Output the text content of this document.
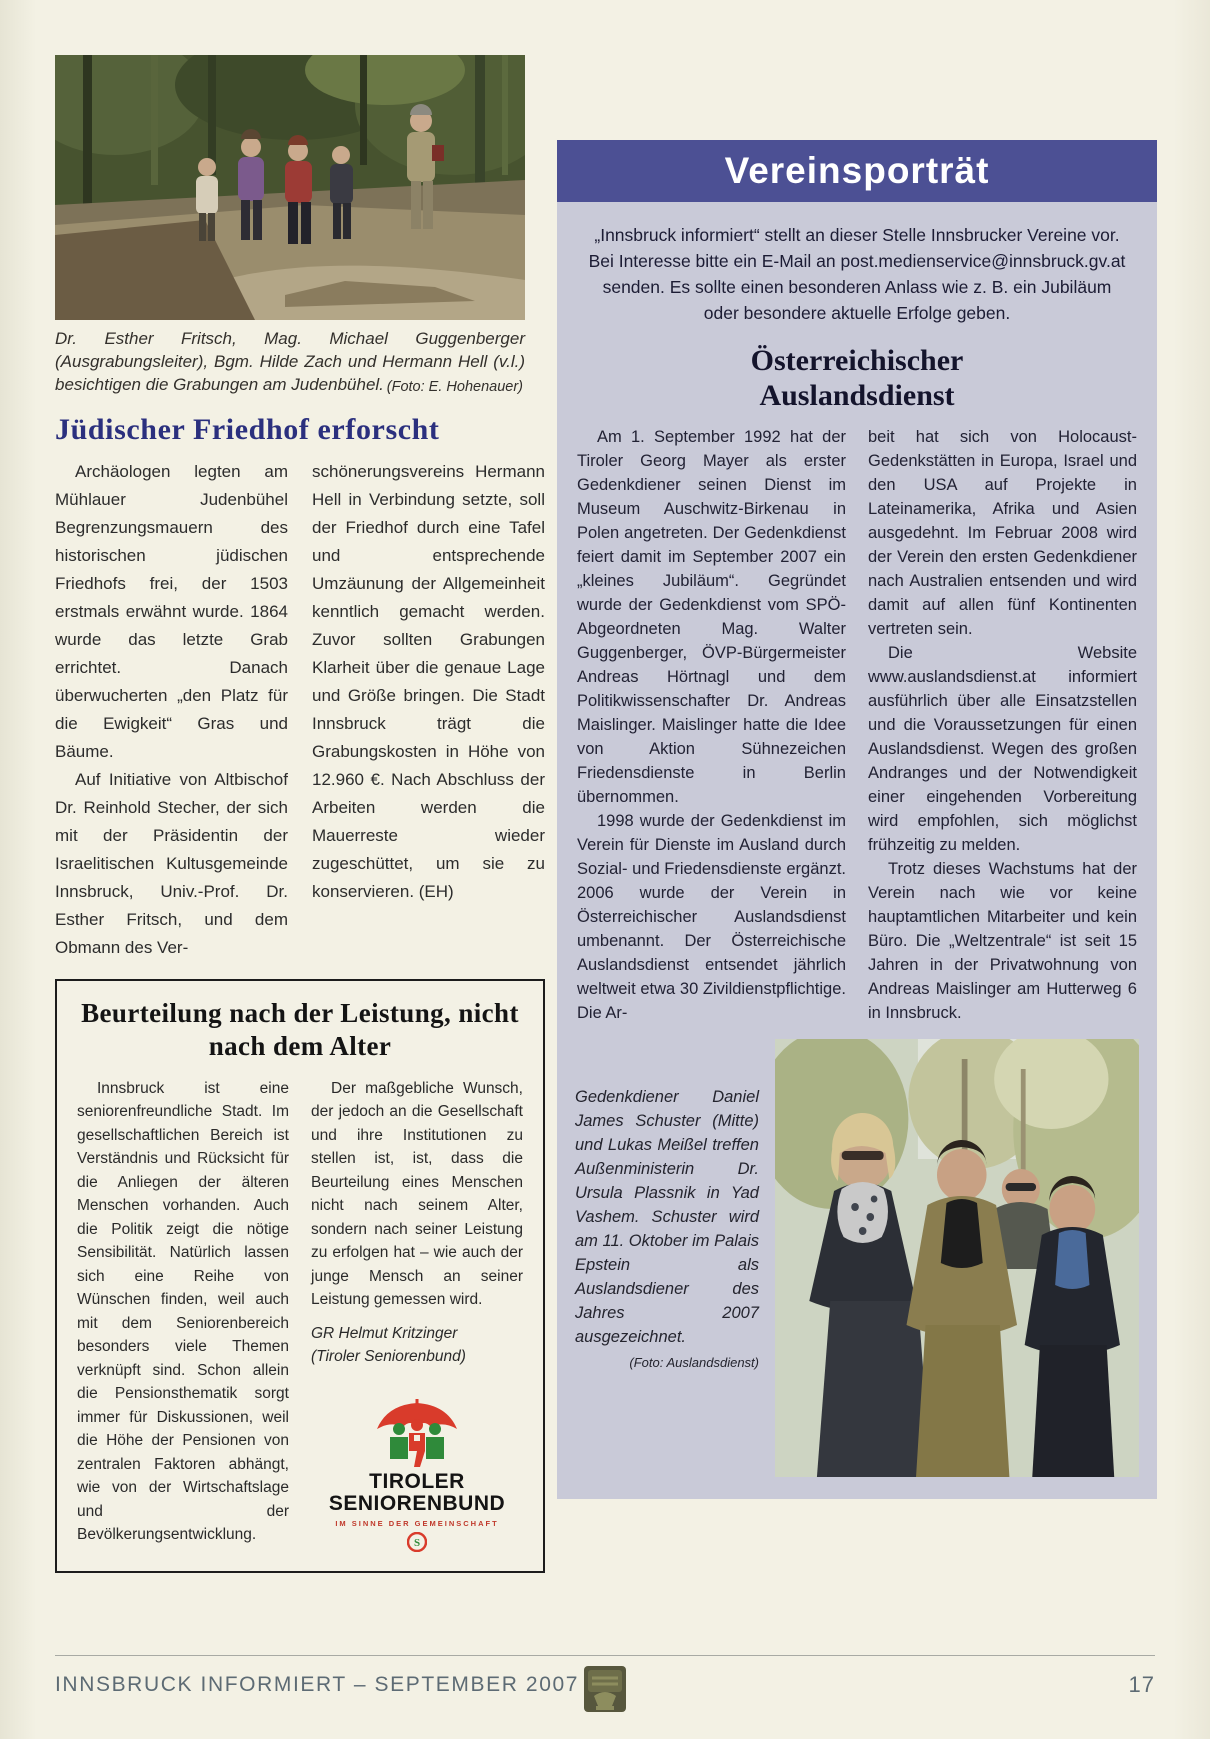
Dr. Esther Fritsch, Mag. Michael Guggenberger (Ausgrabungsleiter), Bgm. Hilde Zach und Hermann Hell (v.l.) besichtigen die Grabungen am Judenbühel. (Foto: E. Hohenauer)
Jüdischer Friedhof erforscht

Archäologen legten am Mühlauer Judenbühel Begrenzungsmauern des historischen jüdischen Friedhofs frei, der 1503 erstmals erwähnt wurde. 1864 wurde das letzte Grab errichtet. Danach überwucherten „den Platz für die Ewigkeit“ Gras und Bäume.

Auf Initiative von Altbischof Dr. Reinhold Stecher, der sich mit der Präsidentin der Israelitischen Kultusgemeinde Innsbruck, Univ.-Prof. Dr. Esther Fritsch, und dem Obmann des Ver-

schönerungsvereins Hermann Hell in Verbindung setzte, soll der Friedhof durch eine Tafel und entsprechende Umzäunung der Allgemeinheit kenntlich gemacht werden. Zuvor sollten Grabungen Klarheit über die genaue Lage und Größe bringen. Die Stadt Innsbruck trägt die Grabungskosten in Höhe von 12.960 €. Nach Abschluss der Arbeiten werden die Mauerreste wieder zugeschüttet, um sie zu konservieren. (EH)

Beurteilung nach der Leistung, nicht nach dem Alter

Innsbruck ist eine seniorenfreundliche Stadt. Im gesellschaftlichen Bereich ist Verständnis und Rücksicht für die Anliegen der älteren Menschen vorhanden. Auch die Politik zeigt die nötige Sensibilität. Natürlich lassen sich eine Reihe von Wünschen finden, weil auch mit dem Seniorenbereich besonders viele Themen verknüpft sind. Schon allein die Pensionsthematik sorgt immer für Diskussionen, weil die Höhe der Pensionen von zentralen Faktoren abhängt, wie von der Wirtschaftslage und der Bevölkerungsentwicklung.

Der maßgebliche Wunsch, der jedoch an die Gesellschaft und ihre Institutionen zu stellen ist, ist, dass die Beurteilung eines Menschen nicht nach seinem Alter, sondern nach seiner Leistung zu erfolgen hat – wie auch der junge Mensch an seiner Leistung gemessen wird.

GR Helmut Kritzinger
(Tiroler Seniorenbund)

TIROLER
SENIORENBUND
IM SINNE DER GEMEINSCHAFT
S
Vereinsporträt

„Innsbruck informiert“ stellt an dieser Stelle Innsbrucker Vereine vor. Bei Interesse bitte ein E-Mail an post.medienservice@innsbruck.gv.at senden. Es sollte einen besonderen Anlass wie z. B. ein Jubiläum oder besondere aktuelle Erfolge geben.

Österreichischer
Auslandsdienst

Am 1. September 1992 hat der Tiroler Georg Mayer als erster Gedenkdiener seinen Dienst im Museum Auschwitz-Birkenau in Polen angetreten. Der Gedenkdienst feiert damit im September 2007 ein „kleines Jubiläum“. Gegründet wurde der Gedenkdienst vom SPÖ-Abgeordneten Mag. Walter Guggenberger, ÖVP-Bürgermeister Andreas Hörtnagl und dem Politikwissenschafter Dr. Andreas Maislinger. Maislinger hatte die Idee von Aktion Sühnezeichen Friedensdienste in Berlin übernommen.

1998 wurde der Gedenkdienst im Verein für Dienste im Ausland durch Sozial- und Friedensdienste ergänzt. 2006 wurde der Verein in Österreichischer Auslandsdienst umbenannt. Der Österreichische Auslandsdienst entsendet jährlich weltweit etwa 30 Zivildienstpflichtige. Die Ar-

beit hat sich von Holocaust-Gedenkstätten in Europa, Israel und den USA auf Projekte in Lateinamerika, Afrika und Asien ausgedehnt. Im Februar 2008 wird der Verein den ersten Gedenkdiener nach Australien entsenden und wird damit auf allen fünf Kontinenten vertreten sein.

Die Website www.auslandsdienst.at informiert ausführlich über alle Einsatzstellen und die Voraussetzungen für einen Auslandsdienst. Wegen des großen Andranges und der Notwendigkeit einer eingehenden Vorbereitung wird empfohlen, sich möglichst frühzeitig zu melden.

Trotz dieses Wachstums hat der Verein nach wie vor keine hauptamtlichen Mitarbeiter und kein Büro. Die „Weltzentrale“ ist seit 15 Jahren in der Privatwohnung von Andreas Maislinger am Hutterweg 6 in Innsbruck.

Gedenkdiener Daniel James Schuster (Mitte) und Lukas Meißel treffen Außenministerin Dr. Ursula Plassnik in Yad Vashem. Schuster wird am 11. Oktober im Palais Epstein als Auslandsdiener des Jahres 2007 ausgezeichnet.

(Foto: Auslandsdienst)

INNSBRUCK INFORMIERT – SEPTEMBER 2007	17
